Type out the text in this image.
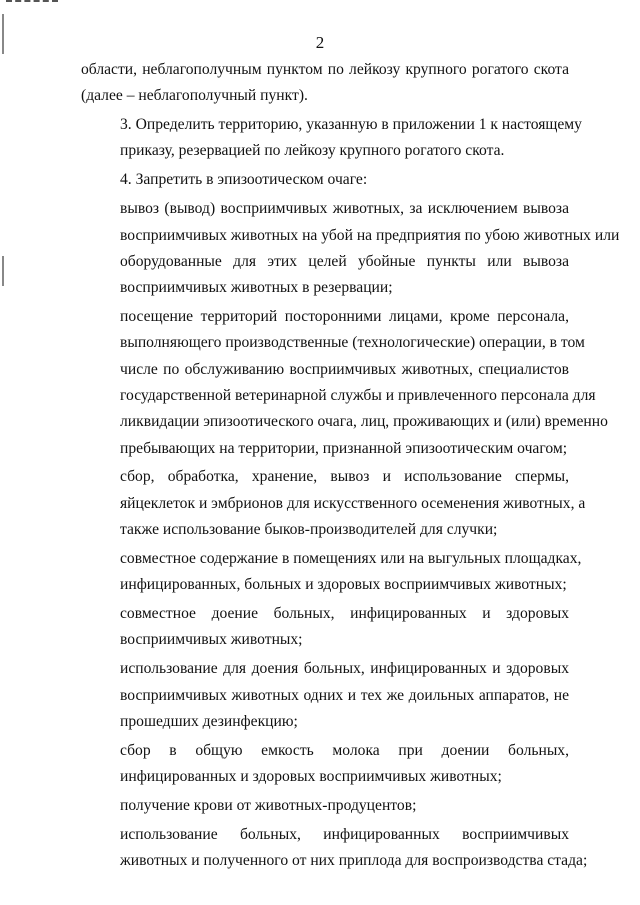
2

области, неблагополучным пунктом по лейкозу крупного рогатого скота
(далее – неблагополучный пункт).

3. Определить территорию, указанную в приложении 1 к настоящему
приказу, резервацией по лейкозу крупного рогатого скота.

4. Запретить в эпизоотическом очаге:

вывоз (вывод) восприимчивых животных, за исключением вывоза
восприимчивых животных на убой на предприятия по убою животных или
оборудованные для этих целей убойные пункты или вывоза
восприимчивых животных в резервации;

посещение территорий посторонними лицами, кроме персонала,
выполняющего производственные (технологические) операции, в том
числе по обслуживанию восприимчивых животных, специалистов
государственной ветеринарной службы и привлеченного персонала для
ликвидации эпизоотического очага, лиц, проживающих и (или) временно
пребывающих на территории, признанной эпизоотическим очагом;

сбор, обработка, хранение, вывоз и использование спермы,
яйцеклеток и эмбрионов для искусственного осеменения животных, а
также использование быков-производителей для случки;

совместное содержание в помещениях или на выгульных площадках,
инфицированных, больных и здоровых восприимчивых животных;

совместное доение больных, инфицированных и здоровых
восприимчивых животных;

использование для доения больных, инфицированных и здоровых
восприимчивых животных одних и тех же доильных аппаратов, не
прошедших дезинфекцию;

сбор в общую емкость молока при доении больных,
инфицированных и здоровых восприимчивых животных;

получение крови от животных-продуцентов;

использование больных, инфицированных восприимчивых
животных и полученного от них приплода для воспроизводства стада;
